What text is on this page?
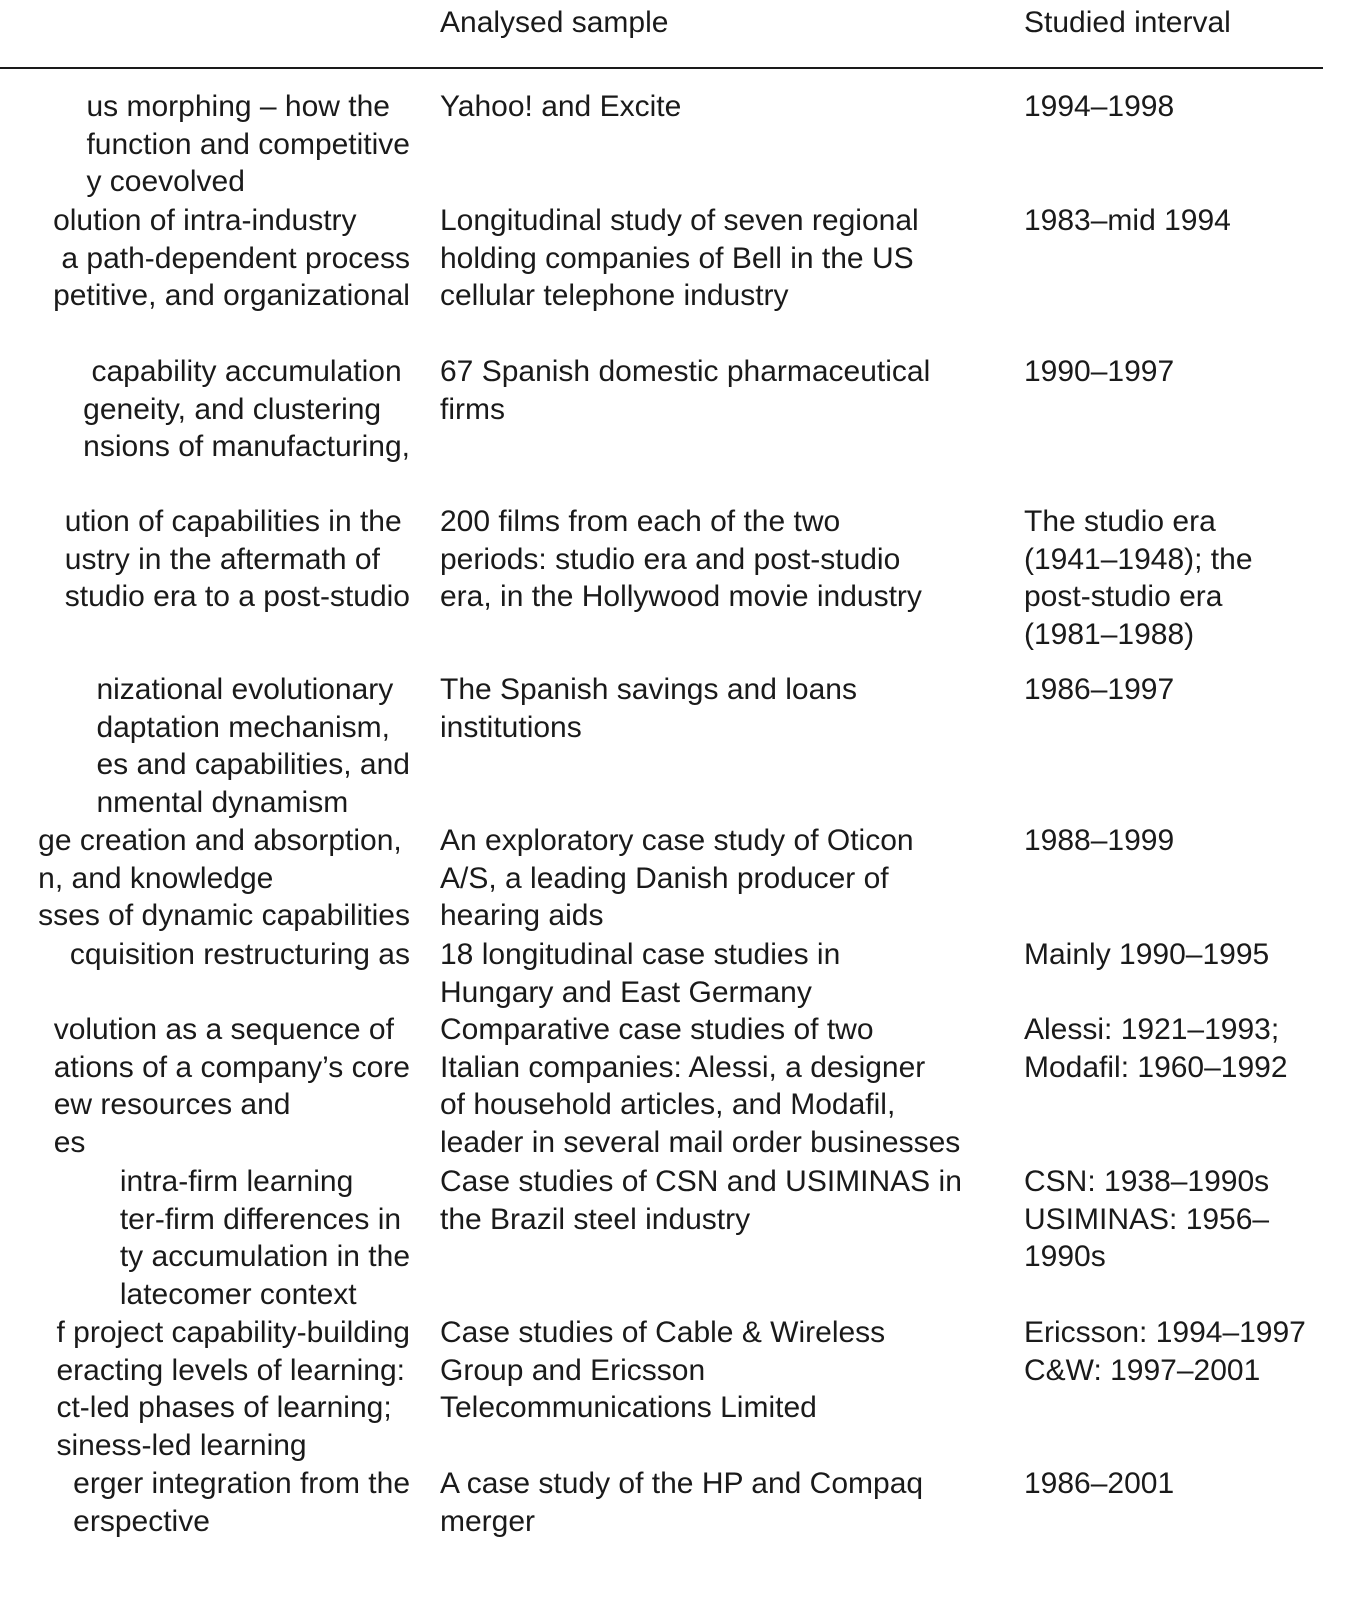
Analysed sample	Studied interval
us morphing – how the
function and competitive
y coevolved
Yahoo! and Excite	1994–1998
olution of intra-industry
a path-dependent process
petitive, and organizational
Longitudinal study of seven regional
holding companies of Bell in the US
cellular telephone industry
1983–mid 1994
capability accumulation
geneity, and clustering
nsions of manufacturing,
67 Spanish domestic pharmaceutical
firms
1990–1997
ution of capabilities in the
ustry in the aftermath of
studio era to a post-studio
200 films from each of the two
periods: studio era and post-studio
era, in the Hollywood movie industry
The studio era
(1941–1948); the
post-studio era
(1981–1988)
nizational evolutionary
daptation mechanism,
es and capabilities, and
nmental dynamism
The Spanish savings and loans
institutions
1986–1997
ge creation and absorption,
n, and knowledge
sses of dynamic capabilities
An exploratory case study of Oticon
A/S, a leading Danish producer of
hearing aids
1988–1999
cquisition restructuring as 18 longitudinal case studies in
Hungary and East Germany
Mainly 1990–1995
volution as a sequence of
ations of a company’s core
ew resources and
es
Comparative case studies of two
Italian companies: Alessi, a designer
of household articles, and Modafil,
leader in several mail order businesses
Alessi: 1921–1993;
Modafil: 1960–1992
intra-firm learning
ter-firm differences in
ty accumulation in the
latecomer context
Case studies of CSN and USIMINAS in
the Brazil steel industry
CSN: 1938–1990s
USIMINAS: 1956–
1990s
f project capability-building
eracting levels of learning:
ct-led phases of learning;
siness-led learning
Case studies of Cable & Wireless
Group and Ericsson
Telecommunications Limited
Ericsson: 1994–1997
C&W: 1997–2001
erger integration from the
erspective
A case study of the HP and Compaq
merger
1986–2001
